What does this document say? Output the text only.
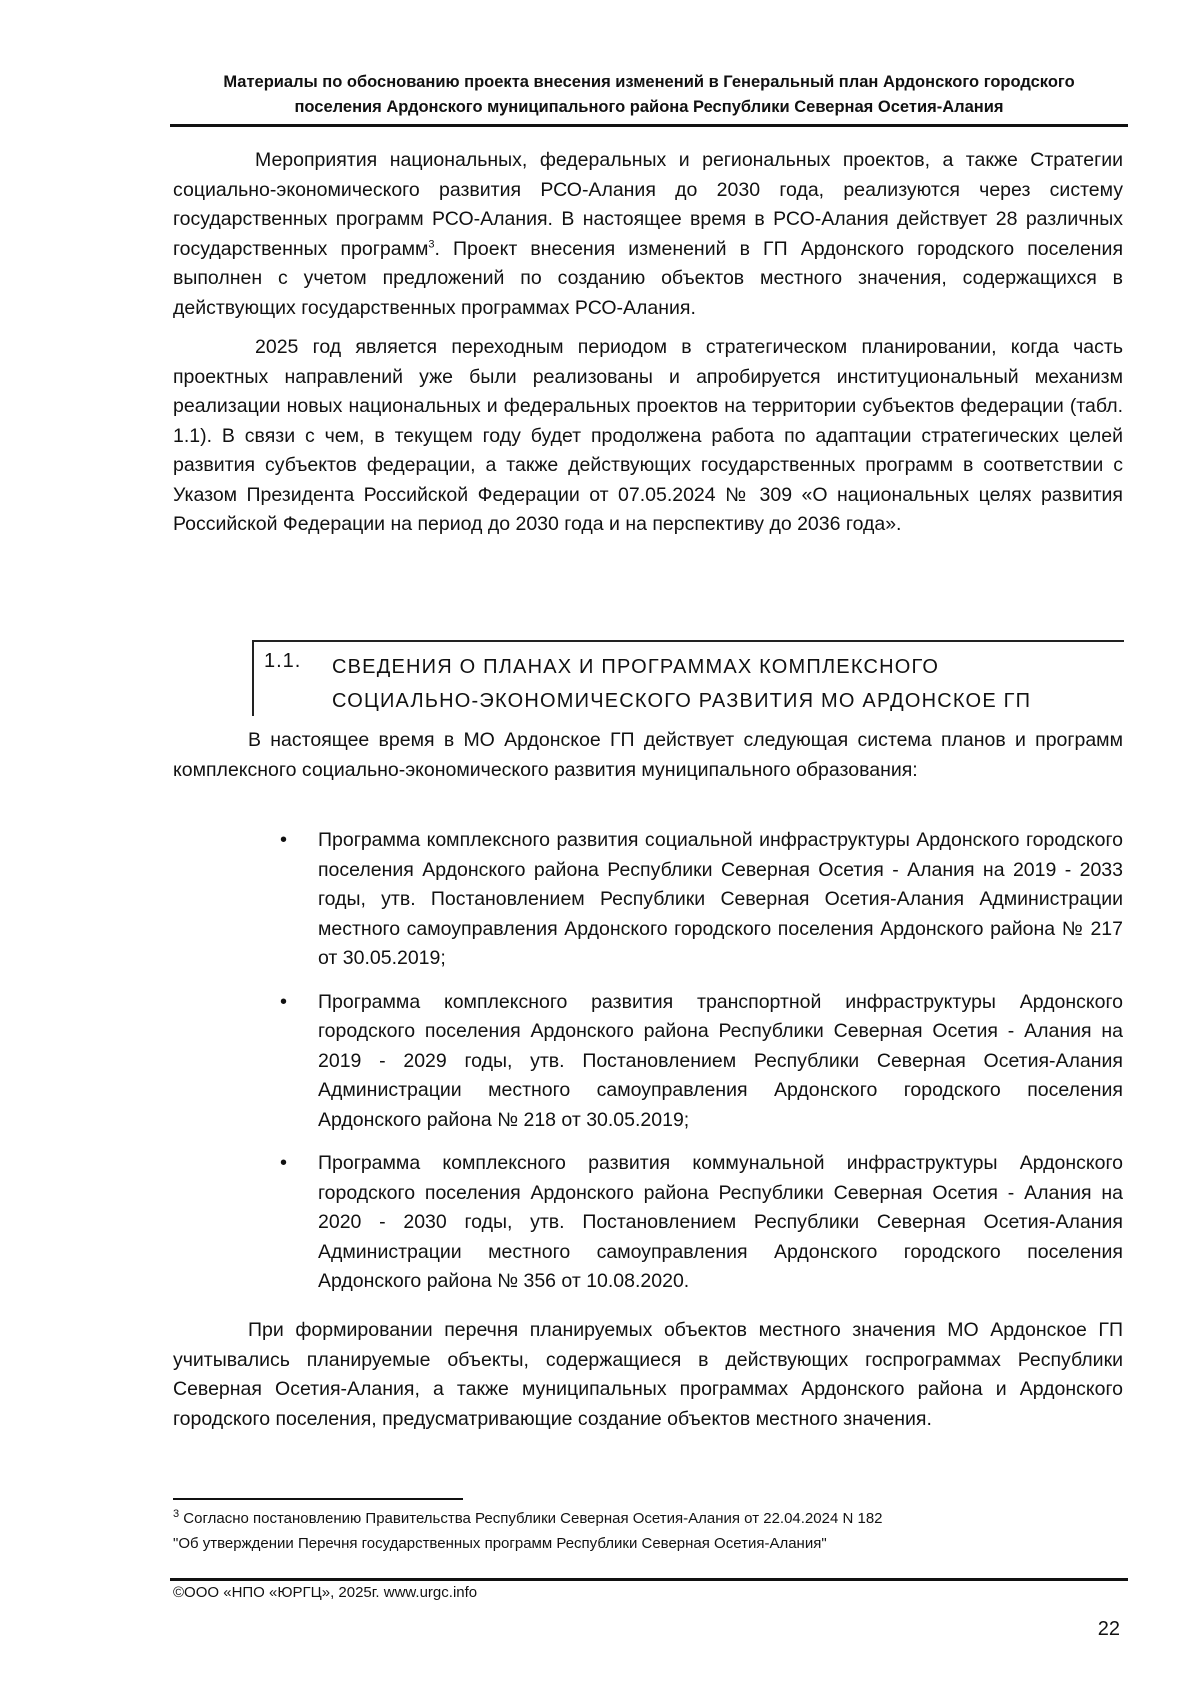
Материалы по обоснованию проекта внесения изменений в Генеральный план Ардонского городского
поселения Ардонского муниципального района Республики Северная Осетия-Алания

Мероприятия национальных, федеральных и региональных проектов, а также Стратегии социально-экономического развития РСО-Алания до 2030 года, реализуются через систему государственных программ РСО-Алания. В настоящее время в РСО-Алания действует 28 различных государственных программ$^3$. Проект внесения изменений в ГП Ардонского городского поселения выполнен с учетом предложений по созданию объектов местного значения, содержащихся в действующих государственных программах РСО-Алания.

2025 год является переходным периодом в стратегическом планировании, когда часть проектных направлений уже были реализованы и апробируется институциональный механизм реализации новых национальных и федеральных проектов на территории субъектов федерации (табл. 1.1). В связи с чем, в текущем году будет продолжена работа по адаптации стратегических целей развития субъектов федерации, а также действующих государственных программ в соответствии с Указом Президента Российской Федерации от 07.05.2024 № 309 «О национальных целях развития Российской Федерации на период до 2030 года и на перспективу до 2036 года».

1.1. СВЕДЕНИЯ О ПЛАНАХ И ПРОГРАММАХ КОМПЛЕКСНОГО
СОЦИАЛЬНО-ЭКОНОМИЧЕСКОГО РАЗВИТИЯ МО АРДОНСКОЕ ГП

В настоящее время в МО Ардонское ГП действует следующая система планов и программ комплексного социально-экономического развития муниципального образования:

• Программа комплексного развития социальной инфраструктуры Ардонского городского поселения Ардонского района Республики Северная Осетия - Алания на 2019 - 2033 годы, утв. Постановлением Республики Северная Осетия-Алания Администрации местного самоуправления Ардонского городского поселения Ардонского района № 217 от 30.05.2019;
• Программа комплексного развития транспортной инфраструктуры Ардонского городского поселения Ардонского района Республики Северная Осетия - Алания на 2019 - 2029 годы, утв. Постановлением Республики Северная Осетия-Алания Администрации местного самоуправления Ардонского городского поселения Ардонского района № 218 от 30.05.2019;
• Программа комплексного развития коммунальной инфраструктуры Ардонского городского поселения Ардонского района Республики Северная Осетия - Алания на 2020 - 2030 годы, утв. Постановлением Республики Северная Осетия-Алания Администрации местного самоуправления Ардонского городского поселения Ардонского района № 356 от 10.08.2020.

При формировании перечня планируемых объектов местного значения МО Ардонское ГП учитывались планируемые объекты, содержащиеся в действующих госпрограммах Республики Северная Осетия-Алания, а также муниципальных программах Ардонского района и Ардонского городского поселения, предусматривающие создание объектов местного значения.

$^3$ Согласно постановлению Правительства Республики Северная Осетия-Алания от 22.04.2024 N 182
"Об утверждении Перечня государственных программ Республики Северная Осетия-Алания"
©ООО «НПО «ЮРГЦ», 2025г. www.urgc.info
22
